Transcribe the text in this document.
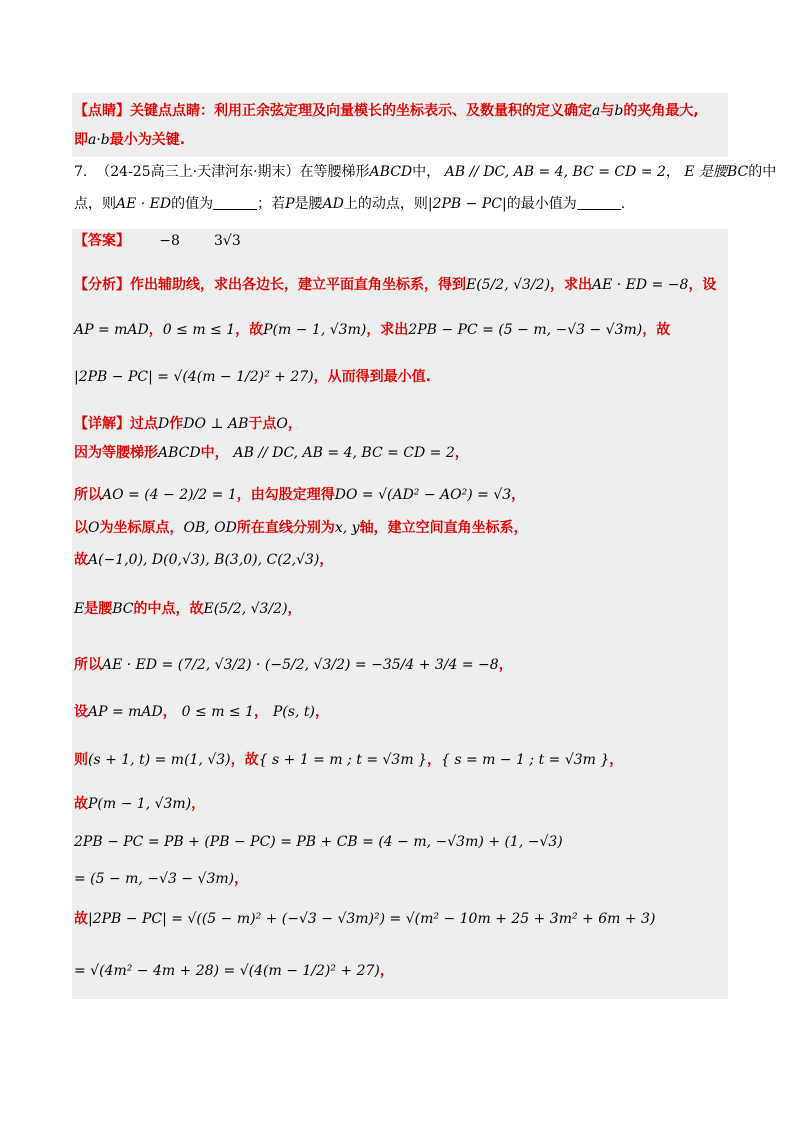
【点睛】关键点点睛：利用正余弦定理及向量模长的坐标表示、及数量积的定义确定a与b的夹角最大,
即a·b最小为关键.
7. （24-25高三上·天津河东·期末）在等腰梯形ABCD中， AB // DC, AB = 4, BC = CD = 2， E 是腰BC的中
点，则AE · ED的值为	；若P是腰AD上的动点，则|2PB − PC|的最小值为	.
【答案】 −8 3√3
【分析】作出辅助线，求出各边长，建立平面直角坐标系，得到E(5/2, √3/2)，求出AE · ED = −8，设
AP = mAD，0 ≤ m ≤ 1，故P(m − 1, √3m)，求出2PB − PC = (5 − m, −√3 − √3m)，故
|2PB − PC| = √(4(m − 1/2)² + 27)，从而得到最小值.
【详解】过点D作DO ⊥ AB于点O，
因为等腰梯形ABCD中， AB // DC, AB = 4, BC = CD = 2，
所以AO = (4 − 2)/2 = 1，由勾股定理得DO = √(AD² − AO²) = √3，
以O为坐标原点，OB, OD所在直线分别为x, y轴，建立空间直角坐标系，
故A(−1,0), D(0,√3), B(3,0), C(2,√3)，
E是腰BC的中点，故E(5/2, √3/2)，
所以AE · ED = (7/2, √3/2) · (−5/2, √3/2) = −35/4 + 3/4 = −8，
设AP = mAD， 0 ≤ m ≤ 1， P(s, t)，
则(s + 1, t) = m(1, √3)，故{ s + 1 = m ; t = √3m }，{ s = m − 1 ; t = √3m }，
故P(m − 1, √3m)，
2PB − PC = PB + (PB − PC) = PB + CB = (4 − m, −√3m) + (1, −√3)
= (5 − m, −√3 − √3m)，
故|2PB − PC| = √((5 − m)² + (−√3 − √3m)²) = √(m² − 10m + 25 + 3m² + 6m + 3)
= √(4m² − 4m + 28) = √(4(m − 1/2)² + 27)，
